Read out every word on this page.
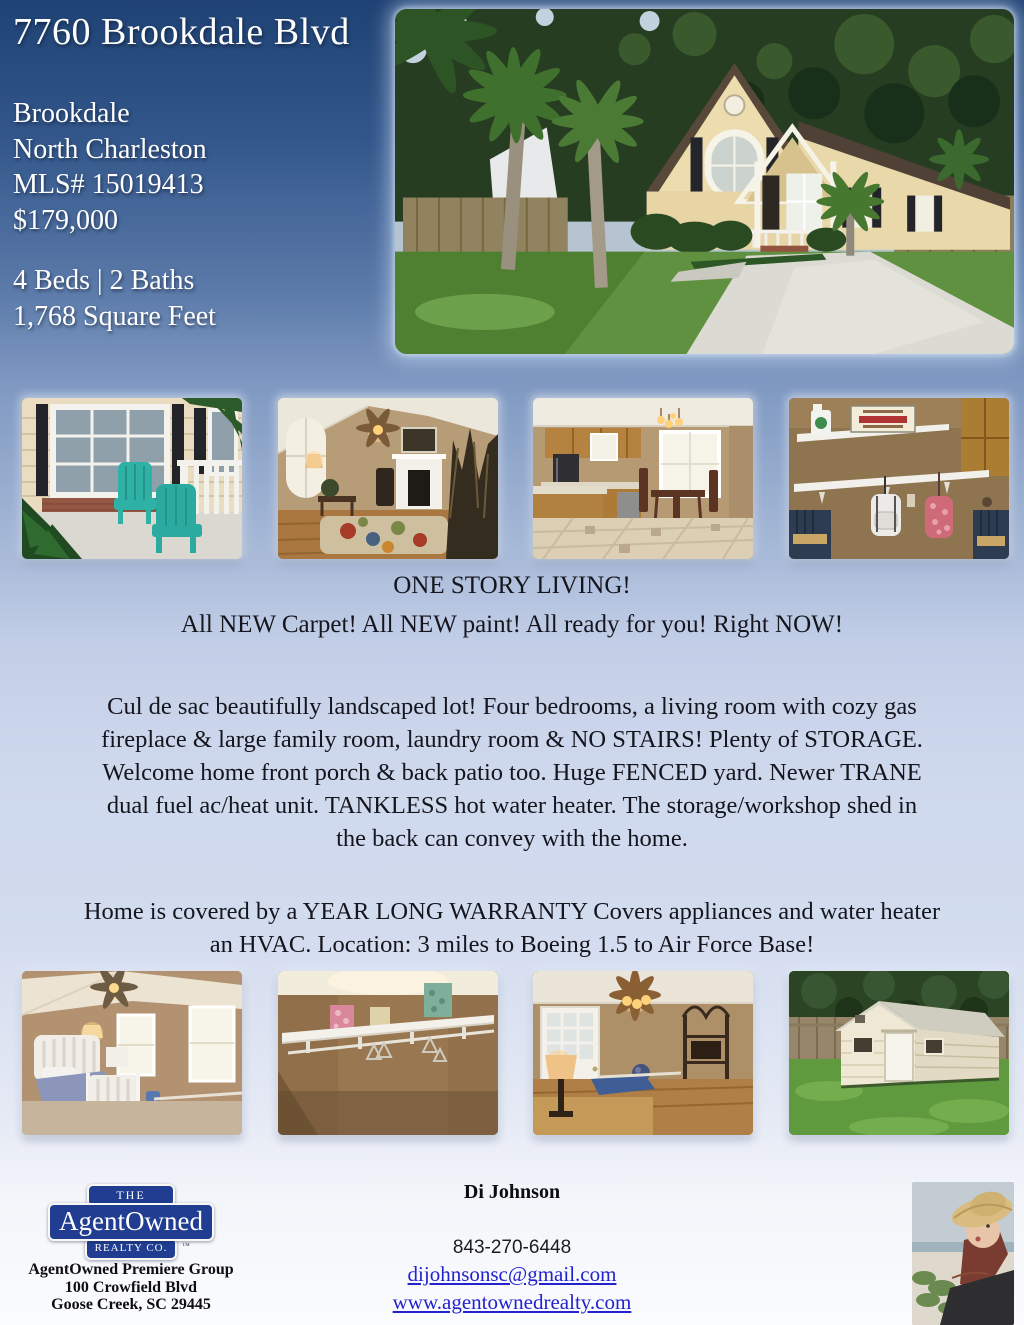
7760 Brookdale Blvd
Brookdale
North Charleston
MLS# 15019413
$179,000
4 Beds | 2 Baths
1,768 Square Feet
ONE STORY LIVING!
All NEW Carpet! All NEW paint! All ready for you! Right NOW!
Cul de sac beautifully landscaped lot! Four bedrooms, a living room with cozy gas
fireplace & large family room, laundry room & NO STAIRS! Plenty of STORAGE.
Welcome home front porch & back patio too. Huge FENCED yard. Newer TRANE
dual fuel ac/heat unit. TANKLESS hot water heater. The storage/workshop shed in
the back can convey with the home.
Home is covered by a YEAR LONG WARRANTY Covers appliances and water heater
an HVAC. Location: 3 miles to Boeing 1.5 to Air Force Base!
THE
AgentOwned
REALTY CO.	™
AgentOwned Premiere Group
100 Crowfield Blvd
Goose Creek, SC 29445
Di Johnson
843-270-6448
dijohnsonsc@gmail.com
www.agentownedrealty.com
